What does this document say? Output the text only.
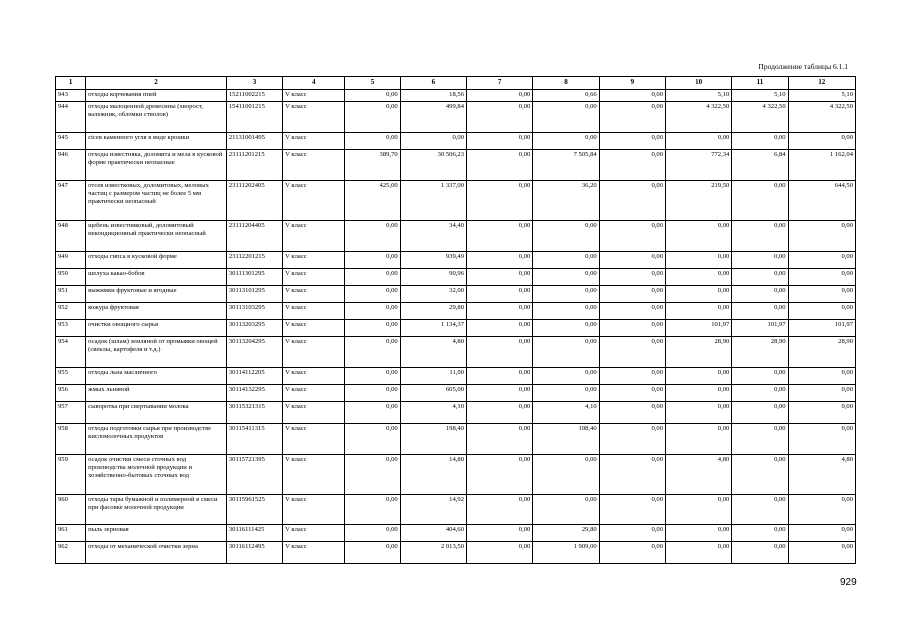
Продолжение таблицы 6.1.1
1	2	3	4	5	6	7	8	9	10	11	12
943	отходы корчевания пней	15211002215	V класс	0,00	18,56	0,00	0,66	0,00	5,10	5,10	5,10
944	отходы малоценной древесины (хворост, валежник, обломки стволов)	15411001215	V класс	0,00	499,84	0,00	0,00	0,00	4 322,50	4 322,50	4 322,50
945	сtсев каменного угля в виде крошки	21131001495	V класс	0,00	0,00	0,00	0,00	0,00	0,00	0,00	0,00
946	отходы известняка, доломита и мела в кусковой форме практически неопасные	23111201215	V класс	389,70	30 506,23	0,00	7 505,84	0,00	772,34	6,84	1 162,04
947	отсев известковых, доломитовых, меловых частиц с размером частиц не более 5 мм практически неопасный	23111202405	V класс	425,00	1 337,00	0,00	36,20	0,00	219,50	0,00	644,50
948	щебень известняковый, доломитовый некондиционный практически неопасный	23111204405	V класс	0,00	34,40	0,00	0,00	0,00	0,00	0,00	0,00
949	отходы гипса в кусковой форме	23112201215	V класс	0,00	939,49	0,00	0,00	0,00	0,00	0,00	0,00
950	шелуха какао-бобов	30111301295	V класс	0,00	90,96	0,00	0,00	0,00	0,00	0,00	0,00
951	выжимки фруктовые и ягодные	30113101295	V класс	0,00	32,00	0,00	0,00	0,00	0,00	0,00	0,00
952	кожура фруктовая	30113103295	V класс	0,00	29,80	0,00	0,00	0,00	0,00	0,00	0,00
953	очистки овощного сырья	30113203295	V класс	0,00	1 134,37	0,00	0,00	0,00	101,97	101,97	101,97
954	осадок (шлам) земляной от промывки овощей (свеклы, картофеля и т.д.)	30113204295	V класс	0,00	4,80	0,00	0,00	0,00	28,90	28,90	28,90
955	отходы льна масличного	30114112205	V класс	0,00	11,00	0,00	0,00	0,00	0,00	0,00	0,00
956	жмых льняной	30114132295	V класс	0,00	605,00	0,00	0,00	0,00	0,00	0,00	0,00
957	сыворотка при свертывании молока	30115321315	V класс	0,00	4,10	0,00	4,10	0,00	0,00	0,00	0,00
958	отходы подготовки сырья при производстве кисломолочных продуктов	30115411315	V класс	0,00	198,40	0,00	198,40	0,00	0,00	0,00	0,00
959	осадок очистки смеси сточных вод производства молочной продукции и хозяйственно-бытовых сточных вод	30115721395	V класс	0,00	14,80	0,00	0,00	0,00	4,80	0,00	4,80
960	отходы тары бумажной и полимерной в смеси при фасовке молочной продукции	30115961525	V класс	0,00	14,92	0,00	0,00	0,00	0,00	0,00	0,00
961	пыль зерновая	30116111425	V класс	0,00	404,60	0,00	29,80	0,00	0,00	0,00	0,00
962	отходы от механической очистки зерна	30116112495	V класс	0,00	2 013,50	0,00	1 909,00	0,00	0,00	0,00	0,00
929
